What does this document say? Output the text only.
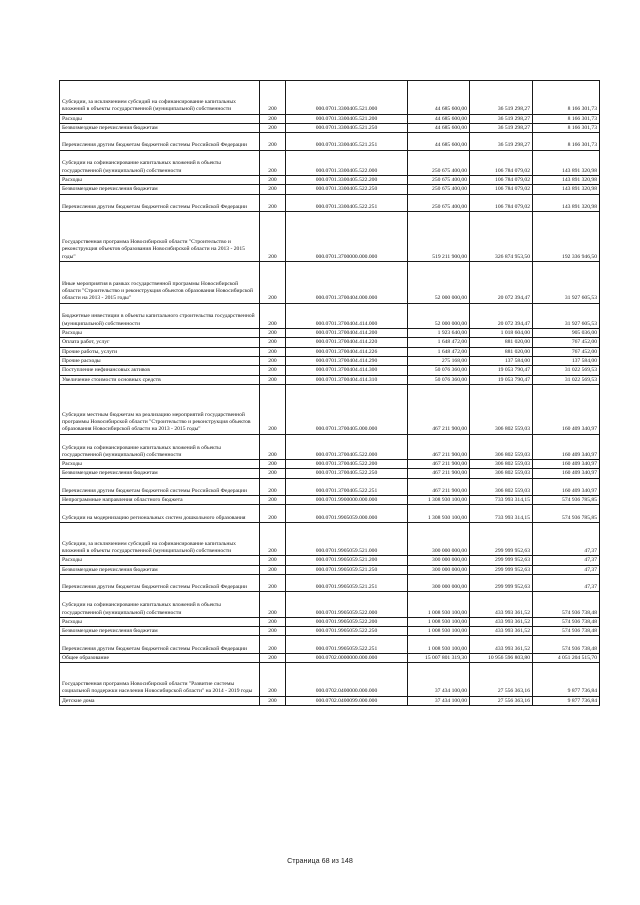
Субсидии, за исключением субсидий на софинансирование капитальных вложений в объекты государственной (муниципальной) собственности	200	000.0701.3300405.521.000	44 685 600,00	36 519 298,27	8 166 301,73
Расходы	200	000.0701.3300405.521.200	44 685 600,00	36 519 298,27	8 166 301,73
Безвозмездные перечисления бюджетам	200	000.0701.3300405.521.250	44 685 600,00	36 519 298,27	8 166 301,73
Перечисления другим бюджетам бюджетной системы Российской Федерации	200	000.0701.3300405.521.251	44 685 600,00	36 519 298,27	8 166 301,73
Субсидии на софинансирование капитальных вложений в объекты государственной (муниципальной) собственности	200	000.0701.3300405.522.000	250 675 400,00	106 784 079,02	143 891 320,98
Расходы	200	000.0701.3300405.522.200	250 675 400,00	106 784 079,02	143 891 320,98
Безвозмездные перечисления бюджетам	200	000.0701.3300405.522.250	250 675 400,00	106 784 079,02	143 891 320,98
Перечисления другим бюджетам бюджетной системы Российской Федерации	200	000.0701.3300405.522.251	250 675 400,00	106 784 079,02	143 891 320,98
Государственная программа Новосибирской области "Строительство и реконструкция объектов образования Новосибирской области на 2013 - 2015 годы"	200	000.0701.3700000.000.000	519 211 900,00	326 874 953,50	192 336 946,50
Иные мероприятия в рамках государственной программы Новосибирской области "Строительство и реконструкция объектов образования Новосибирской области на 2013 - 2015 годы"	200	000.0701.3700404.000.000	52 000 000,00	20 072 394,47	31 927 605,53
Бюджетные инвестиции в объекты капитального строительства государственной (муниципальной) собственности	200	000.0701.3700404.414.000	52 000 000,00	20 072 394,47	31 927 605,53
Расходы	200	000.0701.3700404.414.200	1 923 640,00	1 018 604,00	905 036,00
Оплата работ, услуг	200	000.0701.3700404.414.220	1 648 472,00	881 020,00	767 452,00
Прочие работы, услуги	200	000.0701.3700404.414.226	1 648 472,00	881 020,00	767 452,00
Прочие расходы	200	000.0701.3700404.414.290	275 168,00	137 584,00	137 584,00
Поступление нефинансовых активов	200	000.0701.3700404.414.300	50 076 360,00	19 053 790,47	31 022 569,53
Увеличение стоимости основных средств	200	000.0701.3700404.414.310	50 076 360,00	19 053 790,47	31 022 569,53
Субсидии местным бюджетам на реализацию мероприятий государственной программы Новосибирской области "Строительство и реконструкция объектов образования Новосибирской области на 2013 - 2015 годы"	200	000.0701.3700405.000.000	467 211 900,00	306 802 559,03	160 409 340,97
Субсидии на софинансирование капитальных вложений в объекты государственной (муниципальной) собственности	200	000.0701.3700405.522.000	467 211 900,00	306 802 559,03	160 409 340,97
Расходы	200	000.0701.3700405.522.200	467 211 900,00	306 802 559,03	160 409 340,97
Безвозмездные перечисления бюджетам	200	000.0701.3700405.522.250	467 211 900,00	306 802 559,03	160 409 340,97
Перечисления другим бюджетам бюджетной системы Российской Федерации	200	000.0701.3700405.522.251	467 211 900,00	306 802 559,03	160 409 340,97
Непрограммные направления областного бюджета	200	000.0701.9900000.000.000	1 308 930 100,00	733 993 314,15	574 936 785,85
Субсидии на модернизацию региональных систем дошкольного образования	200	000.0701.9905059.000.000	1 308 930 100,00	733 993 314,15	574 936 785,85
Субсидии, за исключением субсидий на софинансирование капитальных вложений в объекты государственной (муниципальной) собственности	200	000.0701.9905059.521.000	300 000 000,00	299 999 952,63	47,37
Расходы	200	000.0701.9905059.521.200	300 000 000,00	299 999 952,63	47,37
Безвозмездные перечисления бюджетам	200	000.0701.9905059.521.250	300 000 000,00	299 999 952,63	47,37
Перечисления другим бюджетам бюджетной системы Российской Федерации	200	000.0701.9905059.521.251	300 000 000,00	299 999 952,63	47,37
Субсидии на софинансирование капитальных вложений в объекты государственной (муниципальной) собственности	200	000.0701.9905059.522.000	1 008 930 100,00	433 993 361,52	574 936 738,48
Расходы	200	000.0701.9905059.522.200	1 008 930 100,00	433 993 361,52	574 936 738,48
Безвозмездные перечисления бюджетам	200	000.0701.9905059.522.250	1 008 930 100,00	433 993 361,52	574 936 738,48
Перечисления другим бюджетам бюджетной системы Российской Федерации	200	000.0701.9905059.522.251	1 008 930 100,00	433 993 361,52	574 936 738,48
Общее образование	200	000.0702.0000000.000.000	15 007 801 319,30	10 956 596 803,80	4 051 204 515,70
Государственная программа Новосибирской области "Развитие системы социальной поддержки населения Новосибирской области" на 2014 - 2019 годы	200	000.0702.0400000.000.000	37 434 100,00	27 556 363,16	9 877 736,84
Детские дома	200	000.0702.0400099.000.000	37 434 100,00	27 556 363,16	9 877 736,84
Страница 68 из 148
